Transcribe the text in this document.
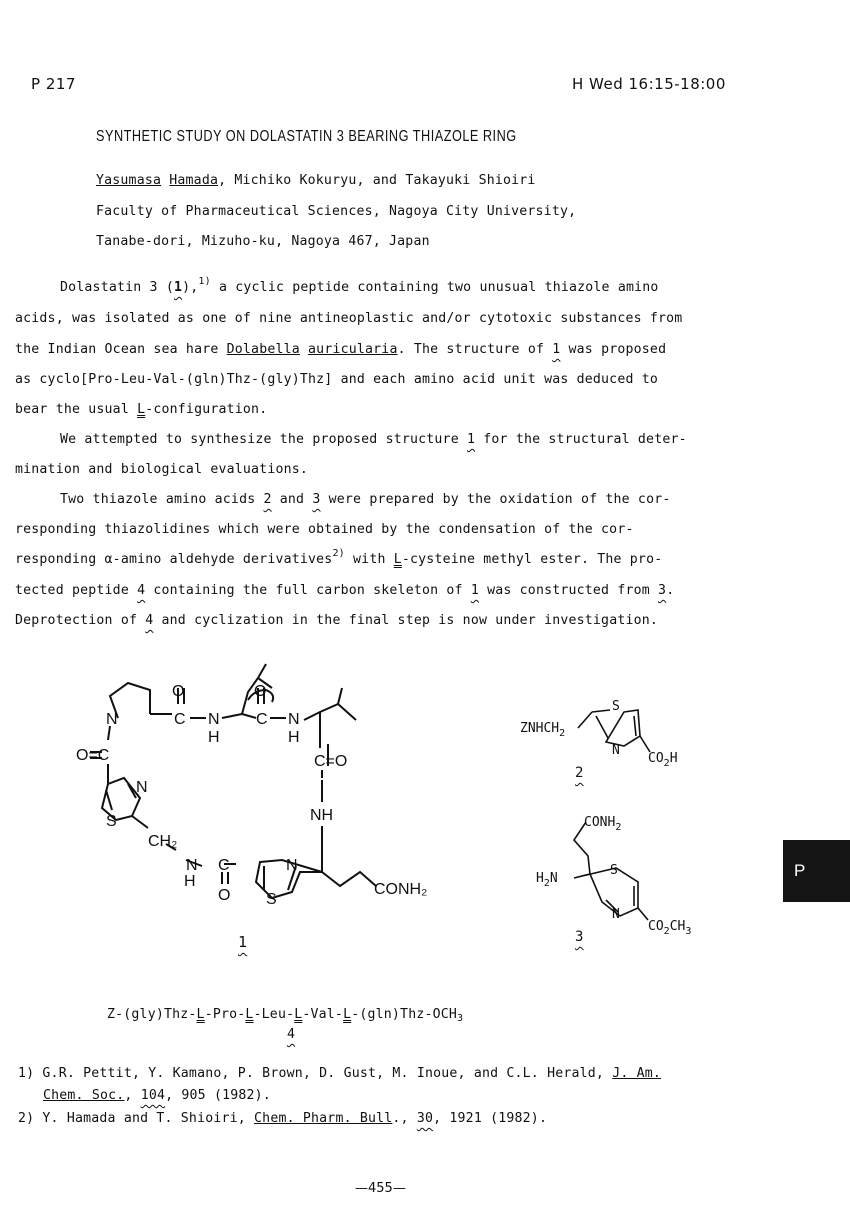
P 217	H Wed 16:15-18:00
SYNTHETIC STUDY ON DOLASTATIN 3 BEARING THIAZOLE RING
Yasumasa Hamada, Michiko Kokuryu, and Takayuki Shioiri
Faculty of Pharmaceutical Sciences, Nagoya City University,
Tanabe-dori, Mizuho-ku, Nagoya 467, Japan
Dolastatin 3 (1),$^{1)}$ a cyclic peptide containing two unusual thiazole amino
acids, was isolated as one of nine antineoplastic and/or cytotoxic substances from
the Indian Ocean sea hare Dolabella auricularia. The structure of 1 was proposed
as cyclo[Pro-Leu-Val-(gln)Thz-(gly)Thz] and each amino acid unit was deduced to
bear the usual L-configuration.
We attempted to synthesize the proposed structure 1 for the structural deter-
mination and biological evaluations.
Two thiazole amino acids 2 and 3 were prepared by the oxidation of the cor-
responding thiazolidines which were obtained by the condensation of the cor-
responding α-amino aldehyde derivatives$^{2)}$ with L-cysteine methyl ester. The pro-
tected peptide 4 containing the full carbon skeleton of 1 was constructed from 3.
Deprotection of 4 and cyclization in the final step is now under investigation.
O
C
N	N
H
O
C N
H
C=O
NH
O=C
N
S
CH₂
N
H
C
O
N
S
CONH₂
1
$ZNHCH_2$
S
N
$CO_2H$
2
$CONH_2$
$H_2N$
S
N
$CO_2CH_3$
3
P
$Z-(gly)Thz-L-Pro-L-Leu-L-Val-L-(gln)Thz-OCH_3$
4
1) G.R. Pettit, Y. Kamano, P. Brown, D. Gust, M. Inoue, and C.L. Herald, J. Am.
Chem. Soc., 104, 905 (1982).
2) Y. Hamada and T. Shioiri, Chem. Pharm. Bull., 30, 1921 (1982).
—455—
